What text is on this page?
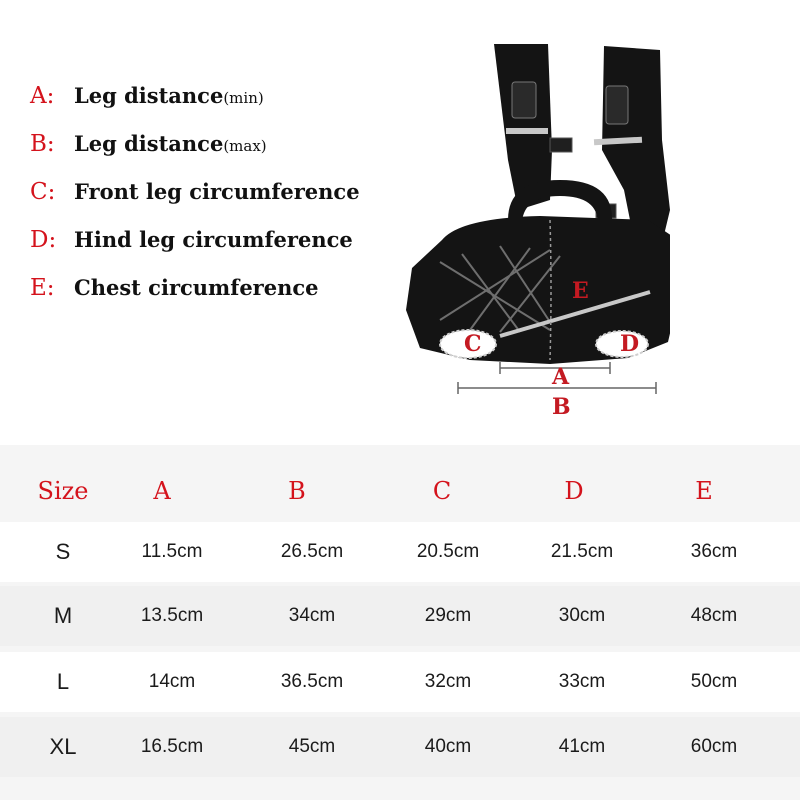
A: Leg distance(min)
B: Leg distance(max)
C: Front leg circumference
D: Hind leg circumference
E: Chest circumference	E
C	D
A
B
Size	A	B	C	D	E
S	11.5cm	26.5cm	20.5cm	21.5cm	36cm
M	13.5cm	34cm	29cm	30cm	48cm
L	14cm	36.5cm	32cm	33cm	50cm
XL	16.5cm	45cm	40cm	41cm	60cm
